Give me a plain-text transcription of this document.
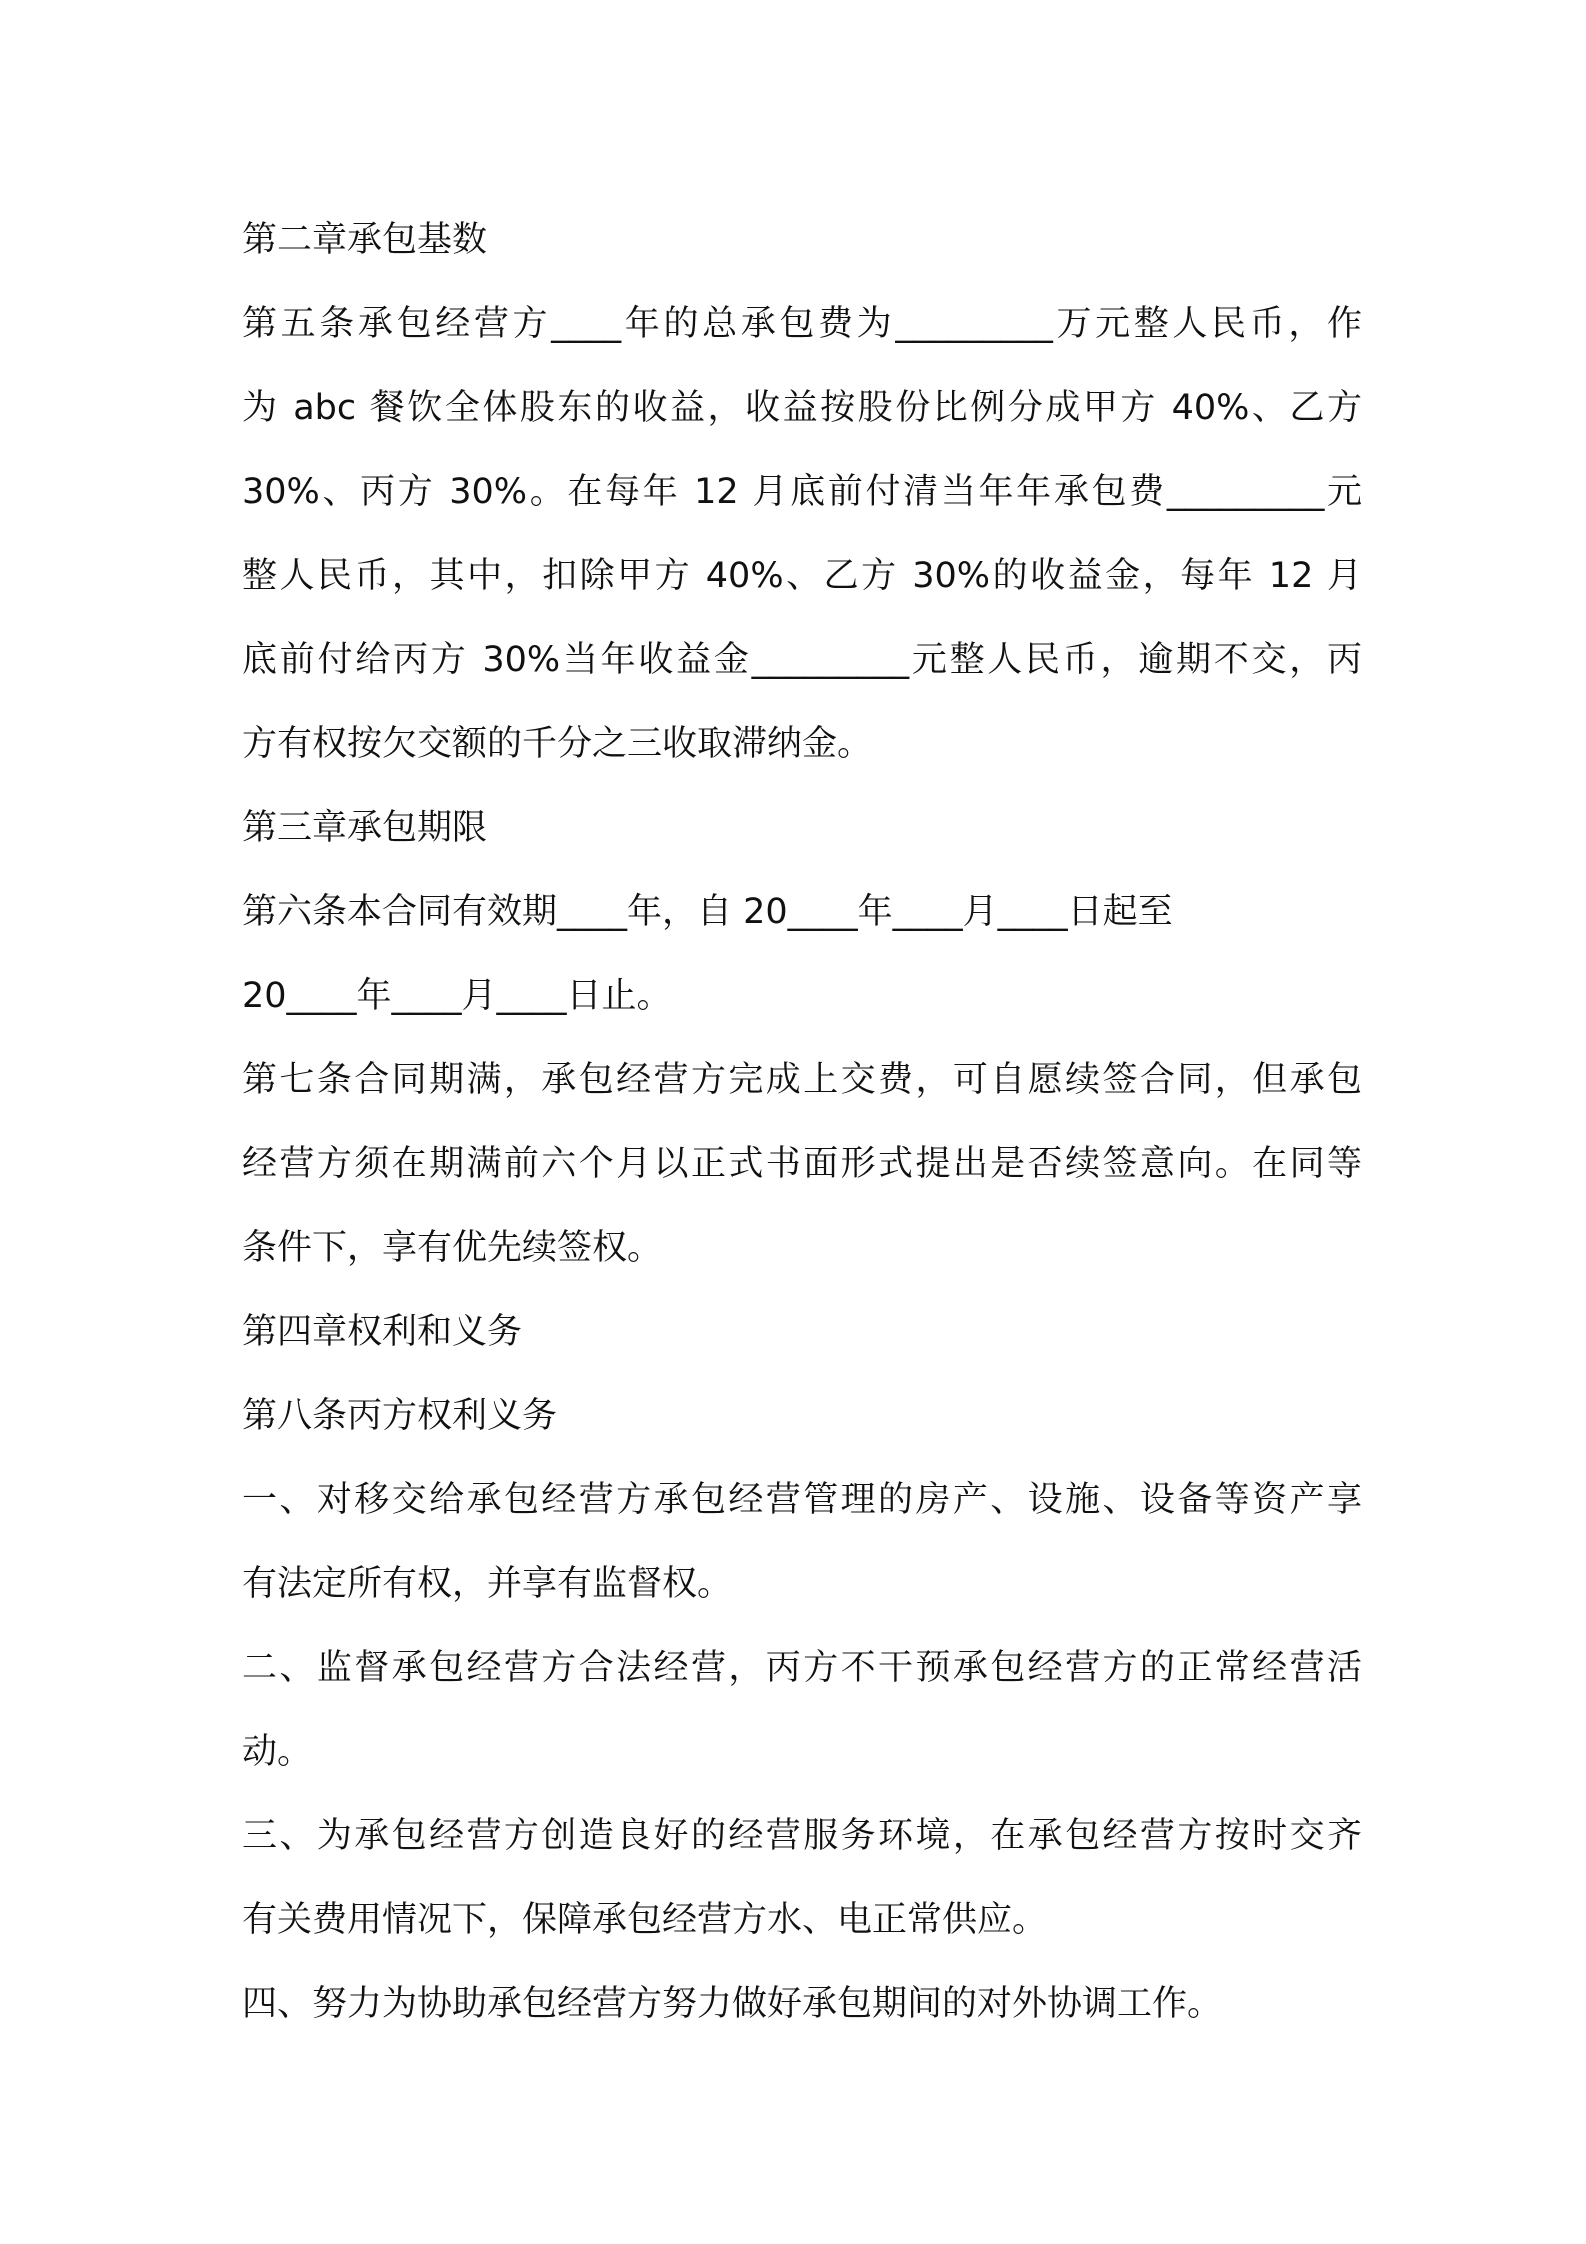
第二章承包基数
第五条承包经营方____年的总承包费为_________万元整人民币，作
为 abc 餐饮全体股东的收益，收益按股份比例分成甲方 40%、乙方
30%、丙方 30%。在每年 12 月底前付清当年年承包费_________元
整人民币，其中，扣除甲方 40%、乙方 30%的收益金，每年 12 月
底前付给丙方 30%当年收益金_________元整人民币，逾期不交，丙
方有权按欠交额的千分之三收取滞纳金。
第三章承包期限
第六条本合同有效期____年，自 20____年____月____日起至
20____年____月____日止。
第七条合同期满，承包经营方完成上交费，可自愿续签合同，但承包
经营方须在期满前六个月以正式书面形式提出是否续签意向。在同等
条件下，享有优先续签权。
第四章权利和义务
第八条丙方权利义务
一、对移交给承包经营方承包经营管理的房产、设施、设备等资产享
有法定所有权，并享有监督权。
二、监督承包经营方合法经营，丙方不干预承包经营方的正常经营活
动。
三、为承包经营方创造良好的经营服务环境，在承包经营方按时交齐
有关费用情况下，保障承包经营方水、电正常供应。
四、努力为协助承包经营方努力做好承包期间的对外协调工作。
